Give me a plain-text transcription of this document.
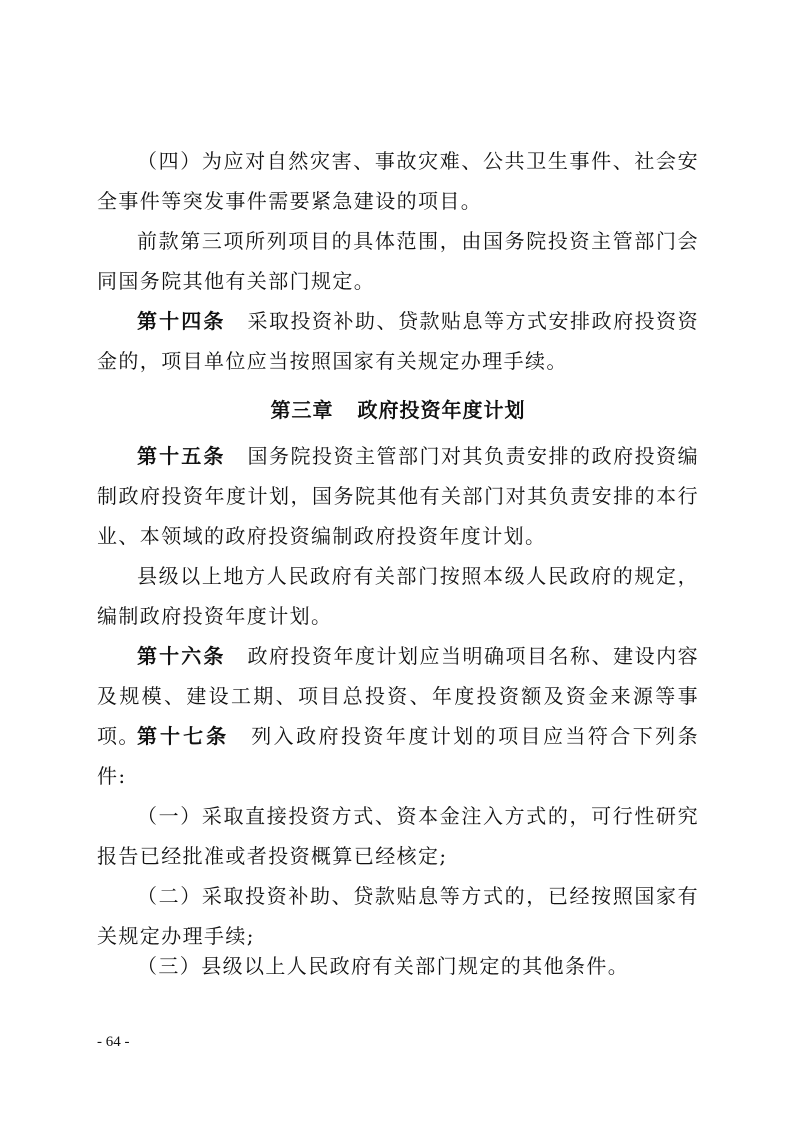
（四）为应对自然灾害、事故灾难、公共卫生事件、社会安全事件等突发事件需要紧急建设的项目。

前款第三项所列项目的具体范围，由国务院投资主管部门会同国务院其他有关部门规定。

第十四条 采取投资补助、贷款贴息等方式安排政府投资资金的，项目单位应当按照国家有关规定办理手续。

第三章 政府投资年度计划

第十五条 国务院投资主管部门对其负责安排的政府投资编制政府投资年度计划，国务院其他有关部门对其负责安排的本行业、本领域的政府投资编制政府投资年度计划。

县级以上地方人民政府有关部门按照本级人民政府的规定，编制政府投资年度计划。

第十六条 政府投资年度计划应当明确项目名称、建设内容及规模、建设工期、项目总投资、年度投资额及资金来源等事项。

第十七条 列入政府投资年度计划的项目应当符合下列条件:

（一）采取直接投资方式、资本金注入方式的，可行性研究报告已经批准或者投资概算已经核定;

（二）采取投资补助、贷款贴息等方式的，已经按照国家有关规定办理手续;

（三）县级以上人民政府有关部门规定的其他条件。

- 64 -
